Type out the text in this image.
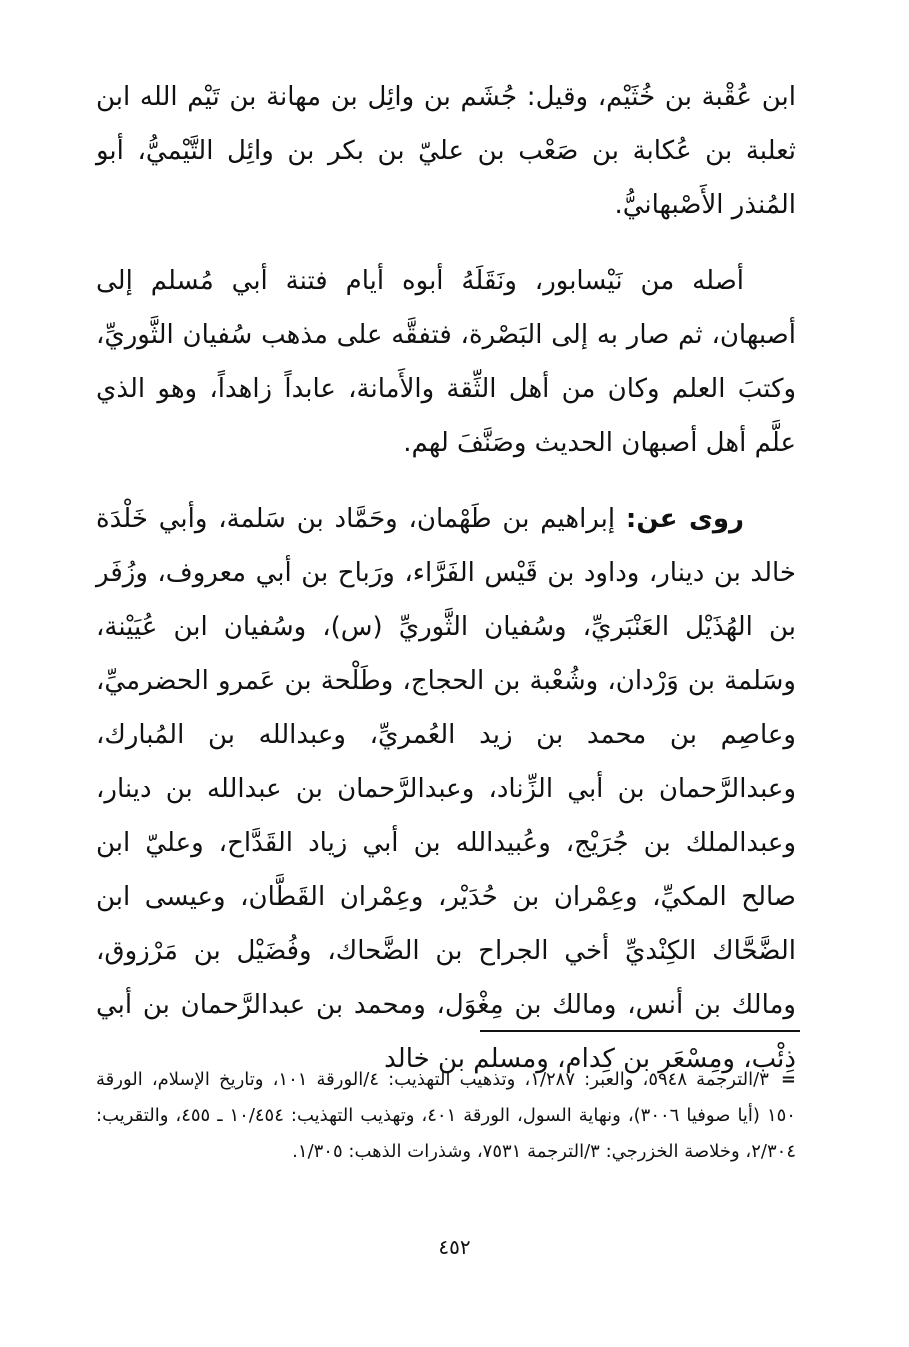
ابن عُقْبة بن خُثَيْم، وقيل: جُشَم بن وائِل بن مهانة بن تَيْم الله ابن ثعلبة بن عُكابة بن صَعْب بن عليّ بن بكر بن وائِل التَّيْميُّ، أبو المُنذر الأَصْبهانيُّ.

أصله من نَيْسابور، ونَقَلَهُ أبوه أيام فتنة أبي مُسلم إلى أصبهان، ثم صار به إلى البَصْرة، فتفقَّه على مذهب سُفيان الثَّوريِّ، وكتبَ العلم وكان من أهل الثِّقة والأَمانة، عابداً زاهداً، وهو الذي علَّم أهل أصبهان الحديث وصَنَّفَ لهم.

روى عن: إبراهيم بن طَهْمان، وحَمَّاد بن سَلمة، وأبي خَلْدَة خالد بن دينار، وداود بن قَيْس الفَرَّاء، ورَباح بن أبي معروف، وزُفَر بن الهُذَيْل العَنْبَريِّ، وسُفيان الثَّوريِّ (س)، وسُفيان ابن عُيَيْنة، وسَلمة بن وَرْدان، وشُعْبة بن الحجاج، وطَلْحة بن عَمرو الحضرميِّ، وعاصِم بن محمد بن زيد العُمريِّ، وعبدالله بن المُبارك، وعبدالرَّحمان بن أبي الزِّناد، وعبدالرَّحمان بن عبدالله بن دينار، وعبدالملك بن جُرَيْج، وعُبيدالله بن أبي زياد القَدَّاح، وعليّ ابن صالح المكيِّ، وعِمْران بن حُدَيْر، وعِمْران القَطَّان، وعيسى ابن الضَّحَّاك الكِنْديِّ أخي الجراح بن الضَّحاك، وفُضَيْل بن مَرْزوق، ومالك بن أنس، ومالك بن مِغْوَل، ومحمد بن عبدالرَّحمان بن أبي ذِئْب، ومِسْعَر بن كِدام، ومسلم بن خالد

=٣/الترجمة ٥٩٤٨، والعبر: ١/٢٨٧، وتذهيب التهذيب: ٤/الورقة ١٠١، وتاريخ الإسلام، الورقة ١٥٠ (أيا صوفيا ٣٠٠٦)، ونهاية السول، الورقة ٤٠١، وتهذيب التهذيب: ١٠/٤٥٤ ـ ٤٥٥، والتقريب: ٢/٣٠٤، وخلاصة الخزرجي: ٣/الترجمة ٧٥٣١، وشذرات الذهب: ١/٣٠٥.
٤٥٢
